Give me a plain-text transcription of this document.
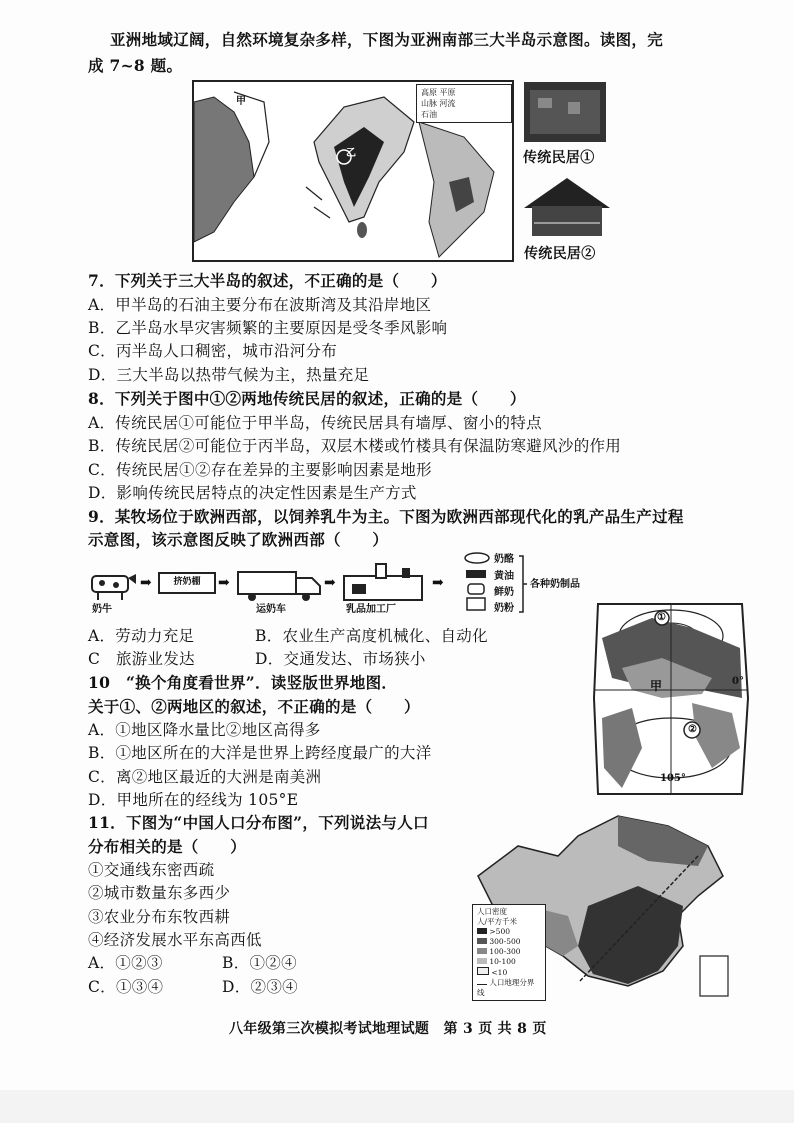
亚洲地域辽阔，自然环境复杂多样，下图为亚洲南部三大半岛示意图。读图，完
成 7~8 题。
甲
乙
高原 平原
山脉 河流
石油
传统民居①
传统民居②
7．下列关于三大半岛的叙述，不正确的是（　　）
A．甲半岛的石油主要分布在波斯湾及其沿岸地区
B．乙半岛水旱灾害频繁的主要原因是受冬季风影响
C．丙半岛人口稠密，城市沿河分布
D．三大半岛以热带气候为主，热量充足
8．下列关于图中①②两地传统民居的叙述，正确的是（　　）
A．传统民居①可能位于甲半岛，传统民居具有墙厚、窗小的特点
B．传统民居②可能位于丙半岛，双层木楼或竹楼具有保温防寒避风沙的作用
C．传统民居①②存在差异的主要影响因素是地形
D．影响传统民居特点的决定性因素是生产方式
9．某牧场位于欧洲西部，以饲养乳牛为主。下图为欧洲西部现代化的乳产品生产过程
示意图，该示意图反映了欧洲西部（　　）
奶牛
➡	挤奶棚	➡
运奶车
➡
乳品加工厂
➡
奶酪
黄油
鲜奶
奶粉
各种奶制品
A．劳动力充足	B．农业生产高度机械化、自动化
C　旅游业发达	D．交通发达、市场狭小
①
②
甲	0°
105°
10　“换个角度看世界”．读竖版世界地图．
关于①、②两地区的叙述，不正确的是（　　）
A．①地区降水量比②地区高得多
B．①地区所在的大洋是世界上跨经度最广的大洋
C．离②地区最近的大洲是南美洲
D．甲地所在的经线为 105°E
11．下图为“中国人口分布图”，下列说法与人口
分布相关的是（　　）
①交通线东密西疏
②城市数量东多西少
③农业分布东牧西耕
④经济发展水平东高西低
A．①②③	B．①②④
C．①③④	D．②③④
人口密度
人/平方千米
>500
300-500
100-300
10-100
<10
人口地理分界线
八年级第三次模拟考试地理试题　第 3 页 共 8 页
